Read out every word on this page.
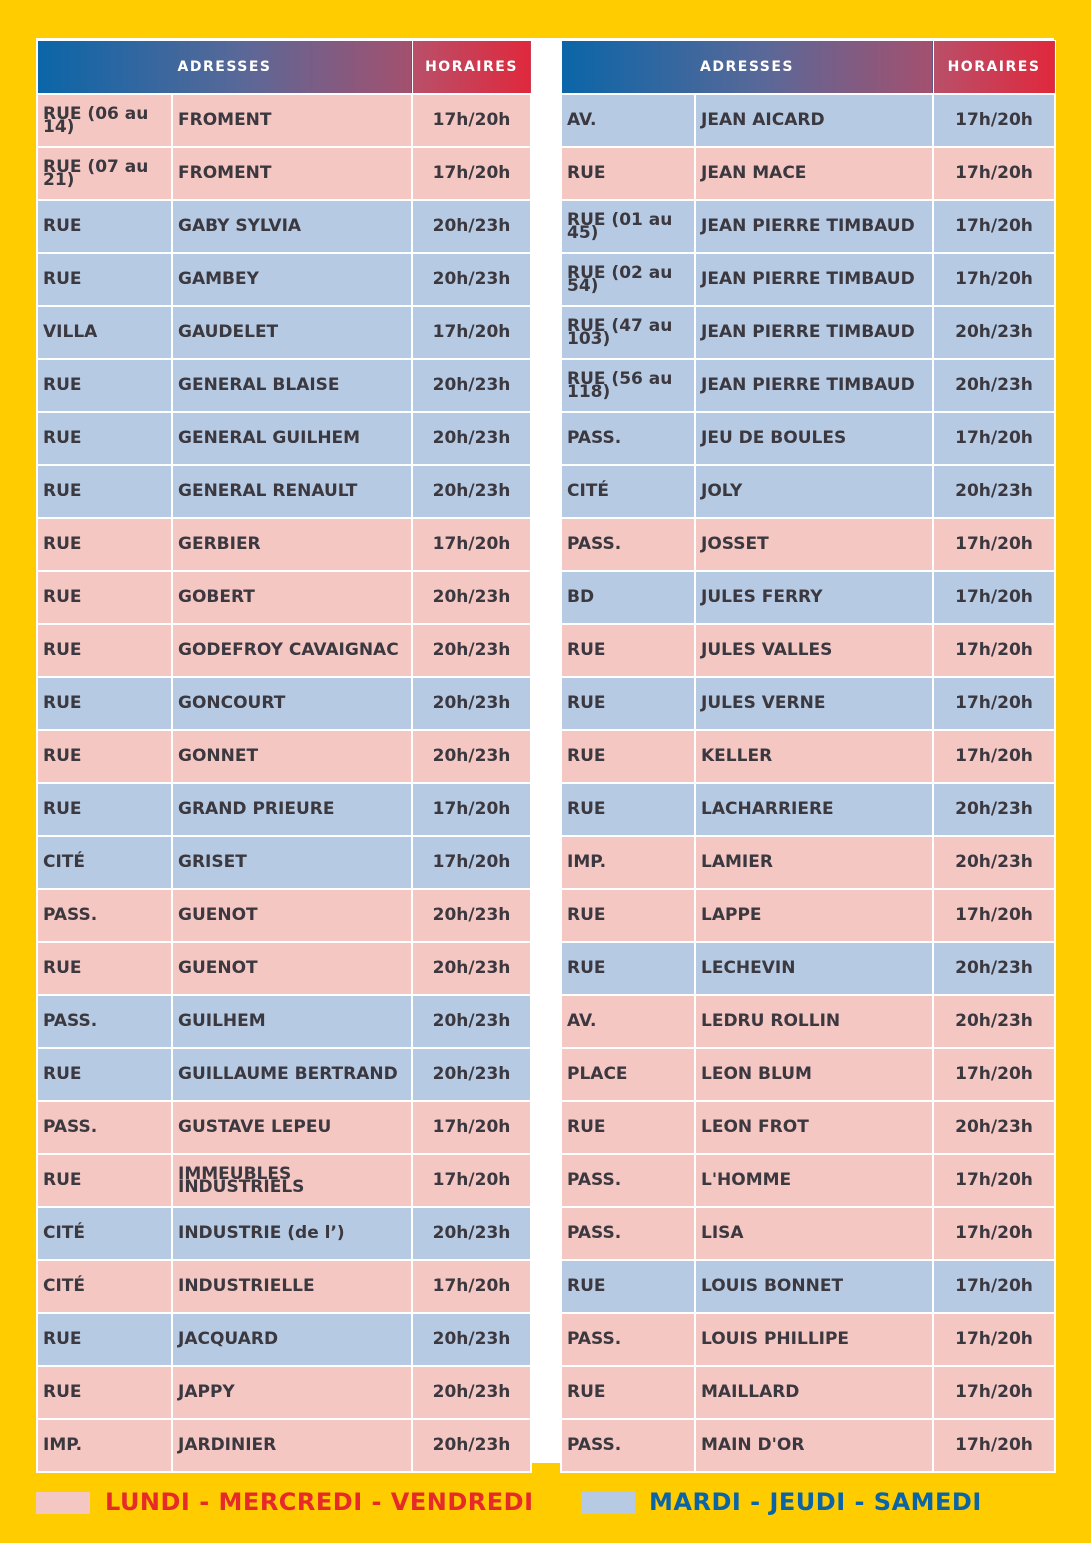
ADRESSES		HORAIRES
RUE (06 au 14)	FROMENT	17h/20h
RUE (07 au 21)	FROMENT	17h/20h
RUE	GABY SYLVIA	20h/23h
RUE	GAMBEY	20h/23h
VILLA	GAUDELET	17h/20h
RUE	GENERAL BLAISE	20h/23h
RUE	GENERAL GUILHEM	20h/23h
RUE	GENERAL RENAULT	20h/23h
RUE	GERBIER	17h/20h
RUE	GOBERT	20h/23h
RUE	GODEFROY CAVAIGNAC	20h/23h
RUE	GONCOURT	20h/23h
RUE	GONNET	20h/23h
RUE	GRAND PRIEURE	17h/20h
CITÉ	GRISET	17h/20h
PASS.	GUENOT	20h/23h
RUE	GUENOT	20h/23h
PASS.	GUILHEM	20h/23h
RUE	GUILLAUME BERTRAND	20h/23h
PASS.	GUSTAVE LEPEU	17h/20h
RUE	IMMEUBLES INDUSTRIELS	17h/20h
CITÉ	INDUSTRIE (de l’)	20h/23h
CITÉ	INDUSTRIELLE	17h/20h
RUE	JACQUARD	20h/23h
RUE	JAPPY	20h/23h
IMP.	JARDINIER	20h/23h
ADRESSES		HORAIRES
AV.	JEAN AICARD	17h/20h
RUE	JEAN MACE	17h/20h
RUE (01 au 45)	JEAN PIERRE TIMBAUD	17h/20h
RUE (02 au 54)	JEAN PIERRE TIMBAUD	17h/20h
RUE (47 au 103)	JEAN PIERRE TIMBAUD	20h/23h
RUE (56 au 118)	JEAN PIERRE TIMBAUD	20h/23h
PASS.	JEU DE BOULES	17h/20h
CITÉ	JOLY	20h/23h
PASS.	JOSSET	17h/20h
BD	JULES FERRY	17h/20h
RUE	JULES VALLES	17h/20h
RUE	JULES VERNE	17h/20h
RUE	KELLER	17h/20h
RUE	LACHARRIERE	20h/23h
IMP.	LAMIER	20h/23h
RUE	LAPPE	17h/20h
RUE	LECHEVIN	20h/23h
AV.	LEDRU ROLLIN	20h/23h
PLACE	LEON BLUM	17h/20h
RUE	LEON FROT	20h/23h
PASS.	L'HOMME	17h/20h
PASS.	LISA	17h/20h
RUE	LOUIS BONNET	17h/20h
PASS.	LOUIS PHILLIPE	17h/20h
RUE	MAILLARD	17h/20h
PASS.	MAIN D'OR	17h/20h
LUNDI - MERCREDI - VENDREDI	MARDI - JEUDI - SAMEDI
